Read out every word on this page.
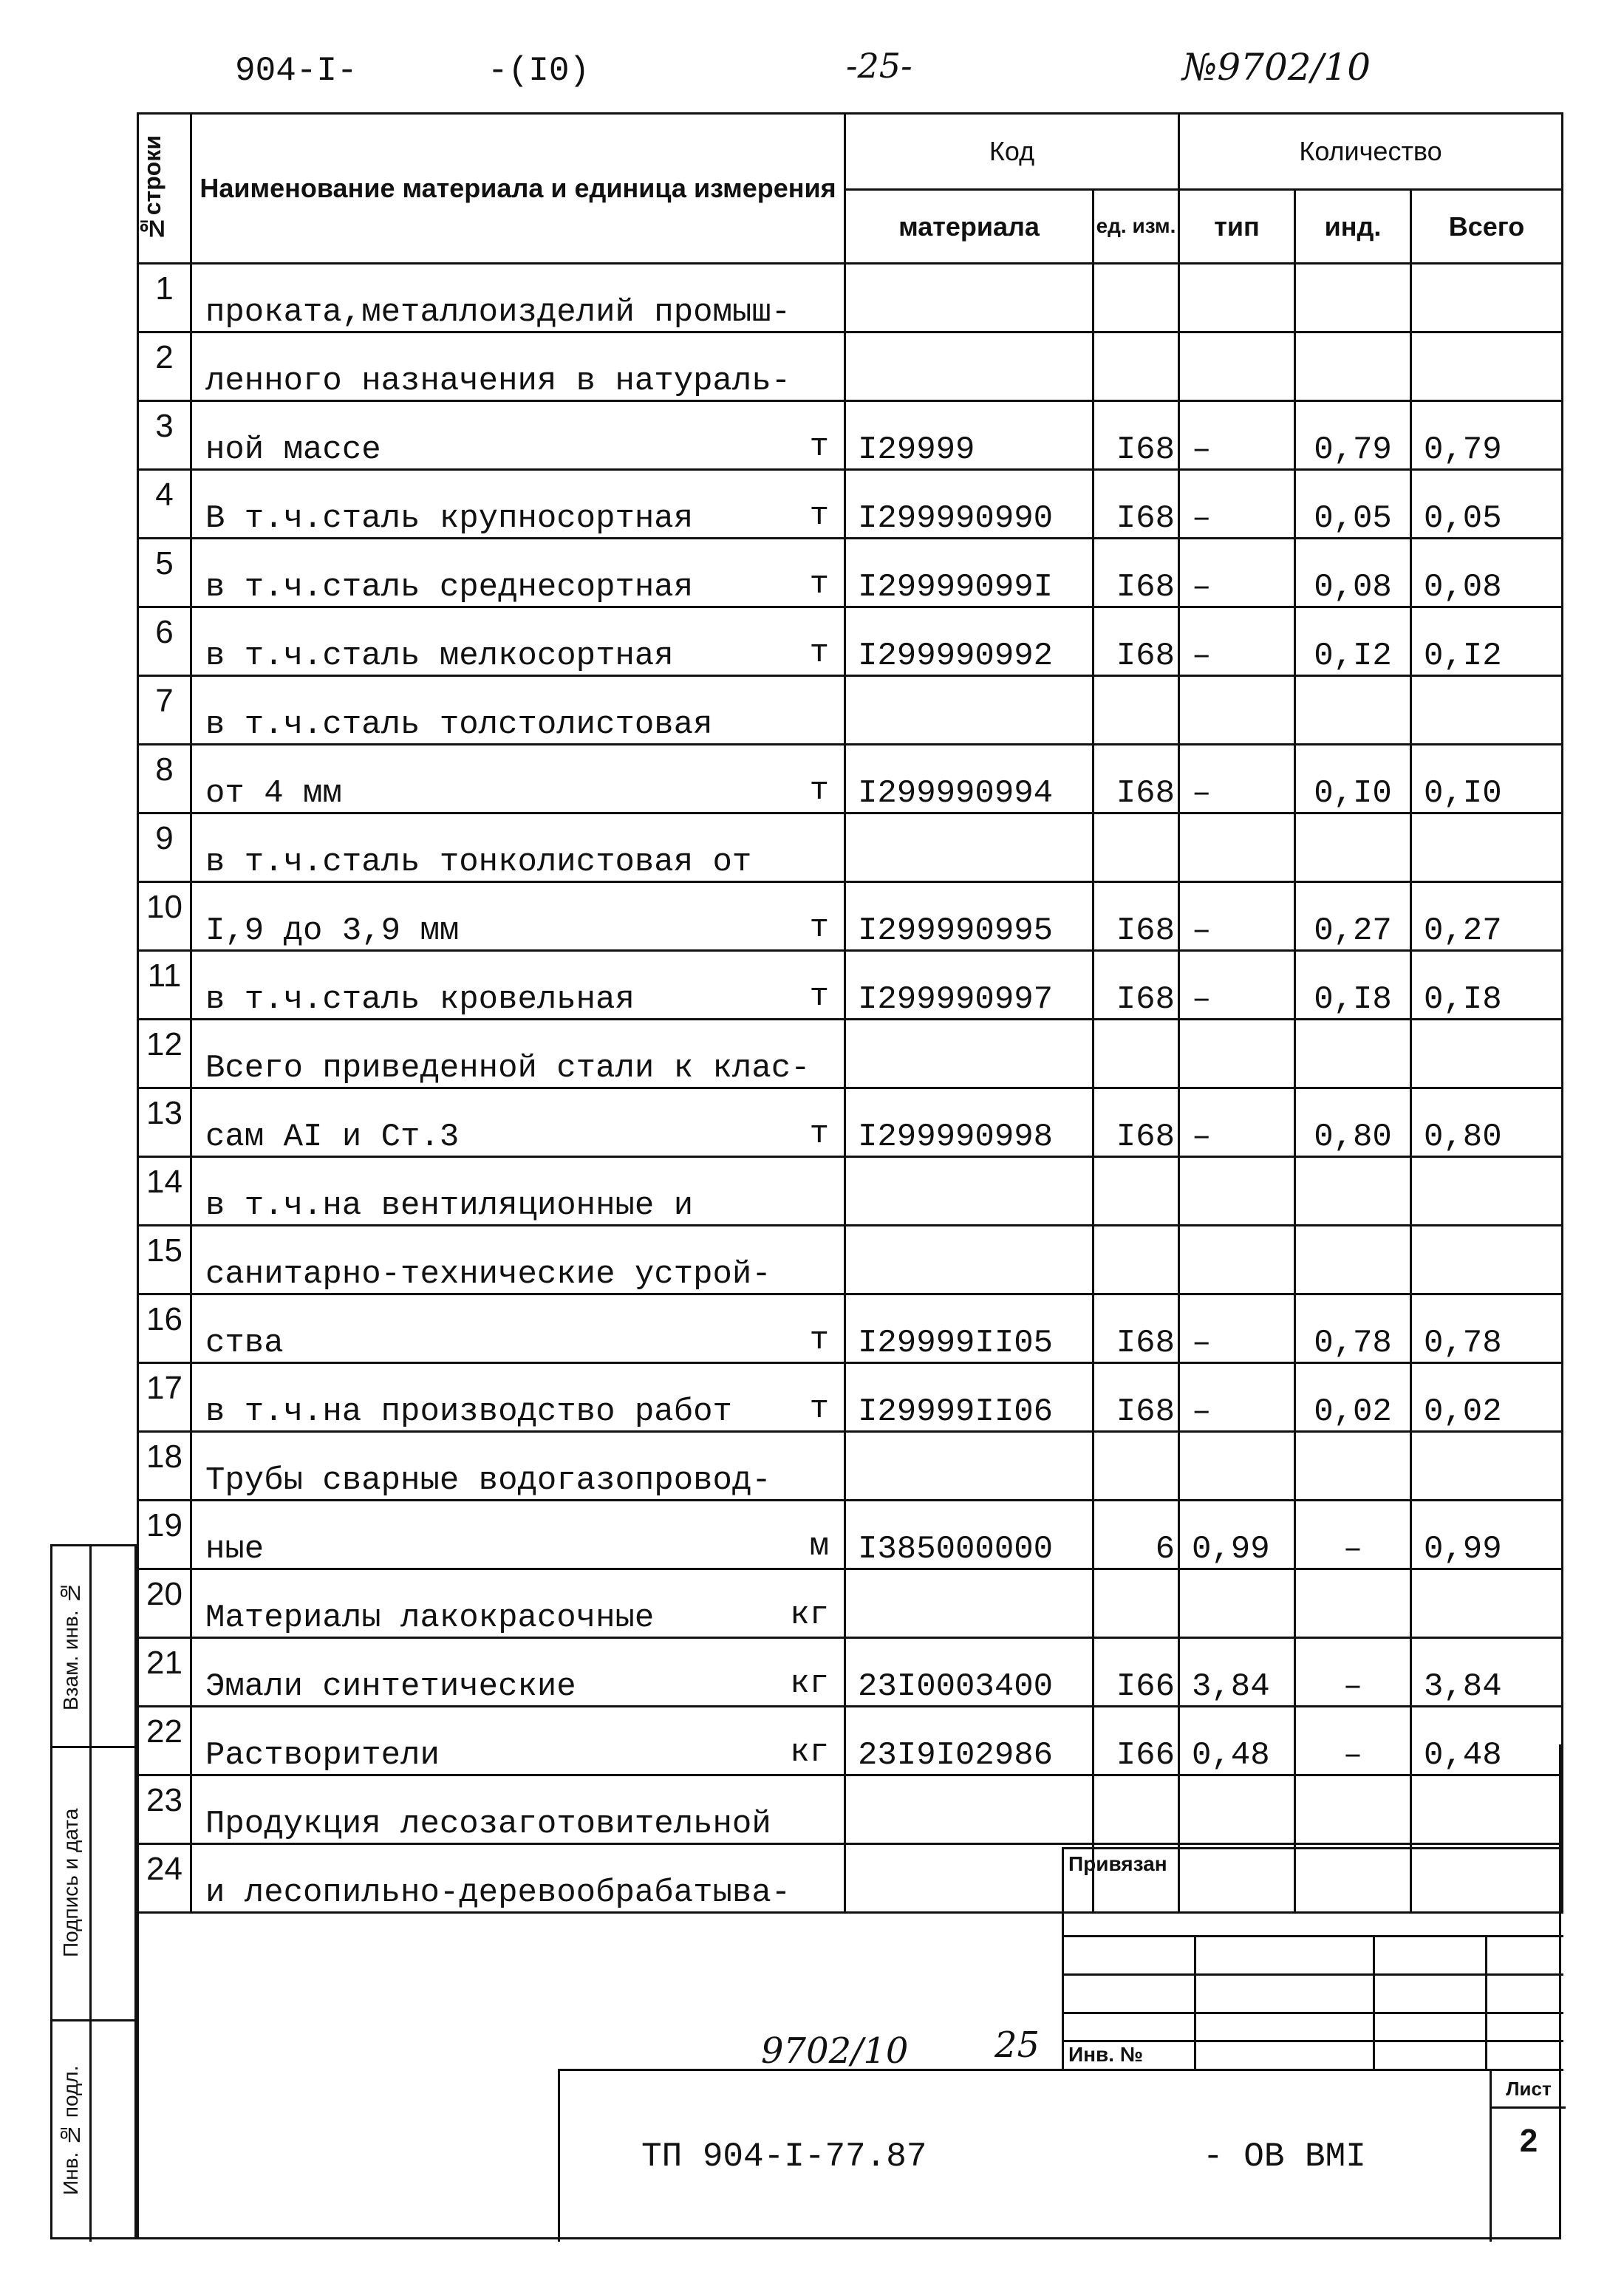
904-I-	-(I0)	-25-	№9702/10
№строки	Наименование материала и единица измерения	Код		Количество		
		материала	ед. изм.	тип	инд.	Всего
1	проката,металлоизделий промыш-

2	ленного назначения в натураль-

3	ной массе т	I29999	I68	–	0,79	0,79
4	В т.ч.сталь крупносортная т	I299990990	I68	–	0,05	0,05
5	в т.ч.сталь среднесортная т	I29999099I	I68	–	0,08	0,08
6	в т.ч.сталь мелкосортная т	I299990992	I68	–	0,I2	0,I2
7	в т.ч.сталь толстолистовая

8	от 4 мм т	I299990994	I68	–	0,I0	0,I0
9	в т.ч.сталь тонколистовая от

10	I,9 до 3,9 мм т	I299990995	I68	–	0,27	0,27
11	в т.ч.сталь кровельная т	I299990997	I68	–	0,I8	0,I8
12	Всего приведенной стали к клас-

13	сам AI и Ст.3 т	I299990998	I68	–	0,80	0,80
14	в т.ч.на вентиляционные и

15	санитарно-технические устрой-

16	ства т	I29999II05	I68	–	0,78	0,78
17	в т.ч.на производство работ т	I29999II06	I68	–	0,02	0,02
18	Трубы сварные водогазопровод-

19	ные м	I385000000	6	0,99	–	0,99
20	Материалы лакокрасочные кг					

21	Эмали синтетические кг	23I0003400	I66	3,84	–	3,84
22	Растворители кг	23I9I02986	I66	0,48	–	0,48
23	Продукция лесозаготовительной

24	и лесопильно-деревообрабатыва-

Привязан
Инв. №
9702/10 25
ТП 904-I-77.87	- ОВ ВМI
Лист
2
Взам. инв. №
Подпись и дата
Инв. № подл.
